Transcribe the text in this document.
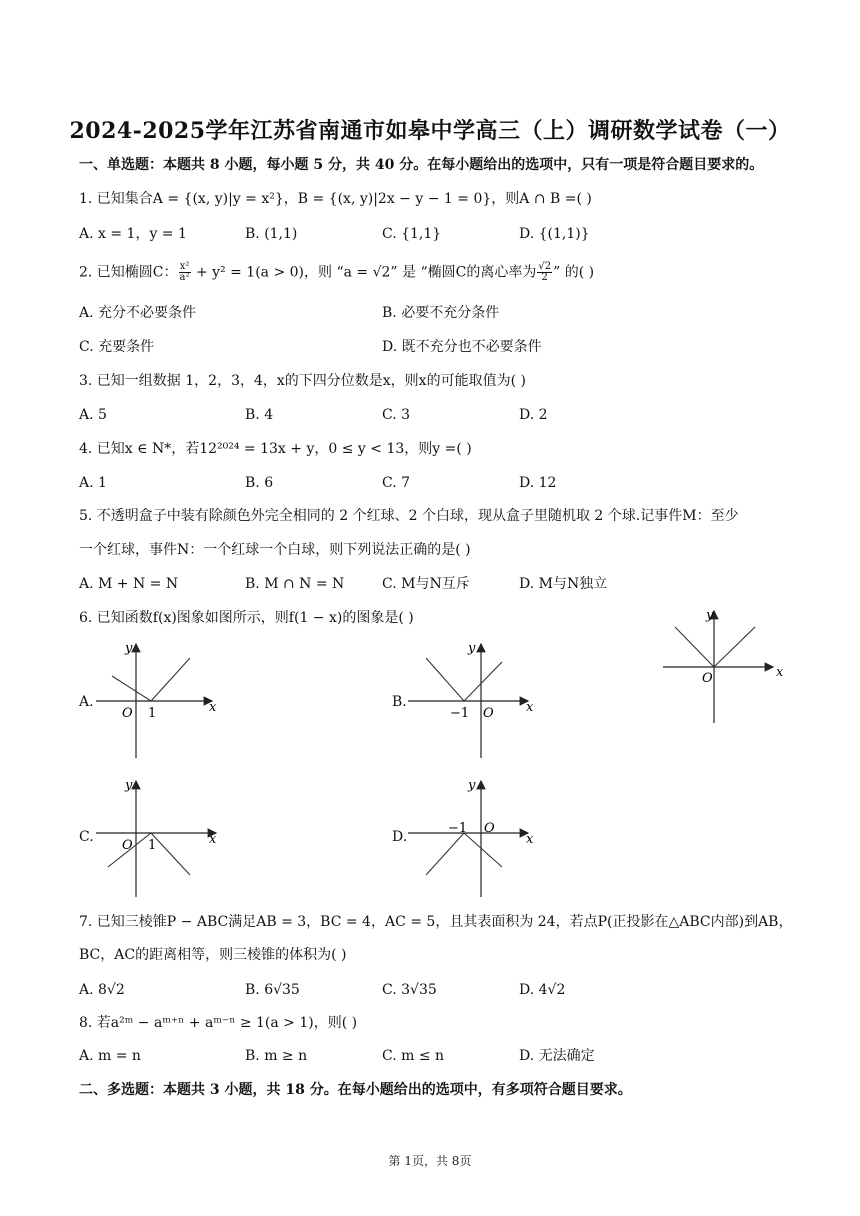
2024-2025学年江苏省南通市如皋中学高三（上）调研数学试卷（一）
一、单选题：本题共 8 小题，每小题 5 分，共 40 分。在每小题给出的选项中，只有一项是符合题目要求的。
1. 已知集合A = {(x, y)|y = x²}，B = {(x, y)|2x − y − 1 = 0}，则A ∩ B =( )
A. x = 1，y = 1	B. (1,1)	C. {1,1}	D. {(1,1)}
2. 已知椭圆C： $\frac{\text{x²}}{\text{a²}} + y^2 = 1(a > 0)$，则 “a = √2” 是 “椭圆C的离心率为 $\frac{√2}{2}$ ” 的( )
A. 充分不必要条件	B. 必要不充分条件
C. 充要条件	D. 既不充分也不必要条件
3. 已知一组数据 1，2，3，4，x的下四分位数是x，则x的可能取值为( )
A. 5	B. 4	C. 3	D. 2
4. 已知x ∈ N*，若12²⁰²⁴ = 13x + y，0 ≤ y < 13，则y =( )
A. 1	B. 6	C. 7	D. 12
5. 不透明盒子中装有除颜色外完全相同的 2 个红球、2 个白球，现从盒子里随机取 2 个球.记事件M：至少
一个红球，事件N：一个红球一个白球，则下列说法正确的是( )
A. M + N = N	B. M ∩ N = N	C. M与N互斥	D. M与N独立
6. 已知函数f(x)图象如图所示，则f(1 − x)的图象是( )
x
y
O
A.	x
y
O 1
B.	x
y
O
−1
C.	x
y
O 1
D.	x
y
O
−1
7. 已知三棱锥P − ABC满足AB = 3，BC = 4，AC = 5，且其表面积为 24，若点P(正投影在△ABC内部)到AB，
BC，AC的距离相等，则三棱锥的体积为( )
A. 8√2	B. 6√35	C. 3√35	D. 4√2
8. 若a²ᵐ − aᵐ⁺ⁿ + aᵐ⁻ⁿ ≥ 1(a > 1)，则( )
A. m = n	B. m ≥ n	C. m ≤ n	D. 无法确定
二、多选题：本题共 3 小题，共 18 分。在每小题给出的选项中，有多项符合题目要求。
第 1页，共 8页
